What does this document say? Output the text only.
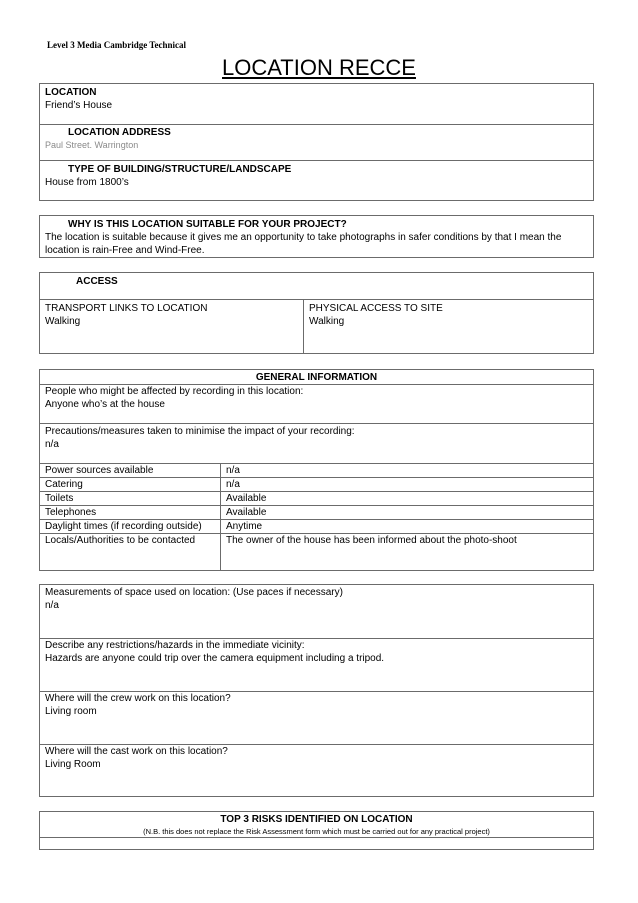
Level 3 Media Cambridge Technical
LOCATION RECCE
LOCATION
Friend’s House
LOCATION ADDRESS
Paul Street. Warrington
TYPE OF BUILDING/STRUCTURE/LANDSCAPE
House from 1800’s
WHY IS THIS LOCATION SUITABLE FOR YOUR PROJECT?
The location is suitable because it gives me an opportunity to take photographs in safer conditions by that I mean the
location is rain-Free and Wind-Free.
ACCESS
TRANSPORT LINKS TO LOCATION
Walking
PHYSICAL ACCESS TO SITE
Walking
GENERAL INFORMATION
People who might be affected by recording in this location:
Anyone who’s at the house
Precautions/measures taken to minimise the impact of your recording:
n/a
Power sources available	n/a
Catering	n/a
Toilets	Available
Telephones	Available
Daylight times (if recording outside) Anytime
Locals/Authorities to be contacted	The owner of the house has been informed about the photo-shoot
Measurements of space used on location: (Use paces if necessary)
n/a
Describe any restrictions/hazards in the immediate vicinity:
Hazards are anyone could trip over the camera equipment including a tripod.
Where will the crew work on this location?
Living room
Where will the cast work on this location?
Living Room
TOP 3 RISKS IDENTIFIED ON LOCATION
(N.B. this does not replace the Risk Assessment form which must be carried out for any practical project)
